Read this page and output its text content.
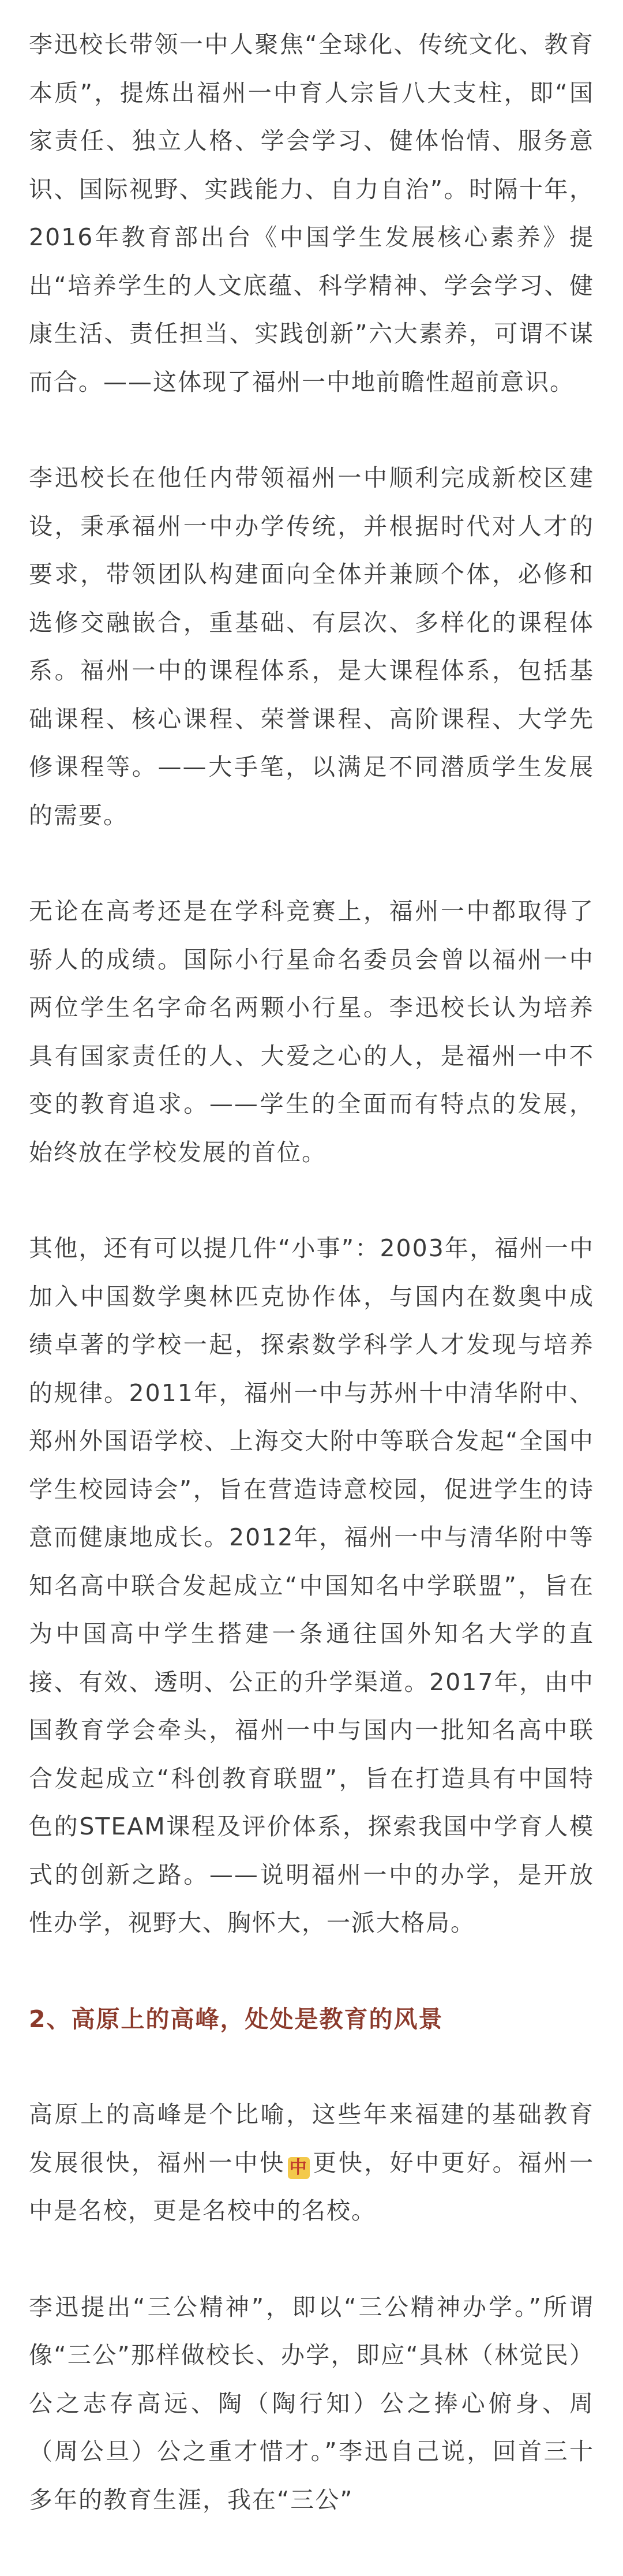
李迅校长带领一中人聚焦“全球化、传统文化、教育本质”，提炼出福州一中育人宗旨八大支柱，即“国家责任、独立人格、学会学习、健体怡情、服务意识、国际视野、实践能力、自力自治”。时隔十年，2016年教育部出台《中国学生发展核心素养》提出“培养学生的人文底蕴、科学精神、学会学习、健康生活、责任担当、实践创新”六大素养，可谓不谋而合。——这体现了福州一中地前瞻性超前意识。

李迅校长在他任内带领福州一中顺利完成新校区建设，秉承福州一中办学传统，并根据时代对人才的要求，带领团队构建面向全体并兼顾个体，必修和选修交融嵌合，重基础、有层次、多样化的课程体系。福州一中的课程体系，是大课程体系，包括基础课程、核心课程、荣誉课程、高阶课程、大学先修课程等。——大手笔，以满足不同潜质学生发展的需要。

无论在高考还是在学科竞赛上，福州一中都取得了骄人的成绩。国际小行星命名委员会曾以福州一中两位学生名字命名两颗小行星。李迅校长认为培养具有国家责任的人、大爱之心的人，是福州一中不变的教育追求。——学生的全面而有特点的发展，始终放在学校发展的首位。

其他，还有可以提几件“小事”：2003年，福州一中加入中国数学奥林匹克协作体，与国内在数奥中成绩卓著的学校一起，探索数学科学人才发现与培养的规律。2011年，福州一中与苏州十中清华附中、郑州外国语学校、上海交大附中等联合发起“全国中学生校园诗会”，旨在营造诗意校园，促进学生的诗意而健康地成长。2012年，福州一中与清华附中等知名高中联合发起成立“中国知名中学联盟”，旨在为中国高中学生搭建一条通往国外知名大学的直接、有效、透明、公正的升学渠道。2017年，由中国教育学会牵头，福州一中与国内一批知名高中联合发起成立“科创教育联盟”，旨在打造具有中国特色的STEAM课程及评价体系，探索我国中学育人模式的创新之路。——说明福州一中的办学，是开放性办学，视野大、胸怀大，一派大格局。

2、高原上的高峰，处处是教育的风景

高原上的高峰是个比喻，这些年来福建的基础教育发展很快，福州一中快 中 更快，好中更好。福州一中是名校，更是名校中的名校。

李迅提出“三公精神”，即以“三公精神办学。”所谓像“三公”那样做校长、办学，即应“具林（林觉民）公之志存高远、陶（陶行知）公之捧心俯身、周（周公旦）公之重才惜才。”李迅自己说，回首三十多年的教育生涯，我在“三公”
